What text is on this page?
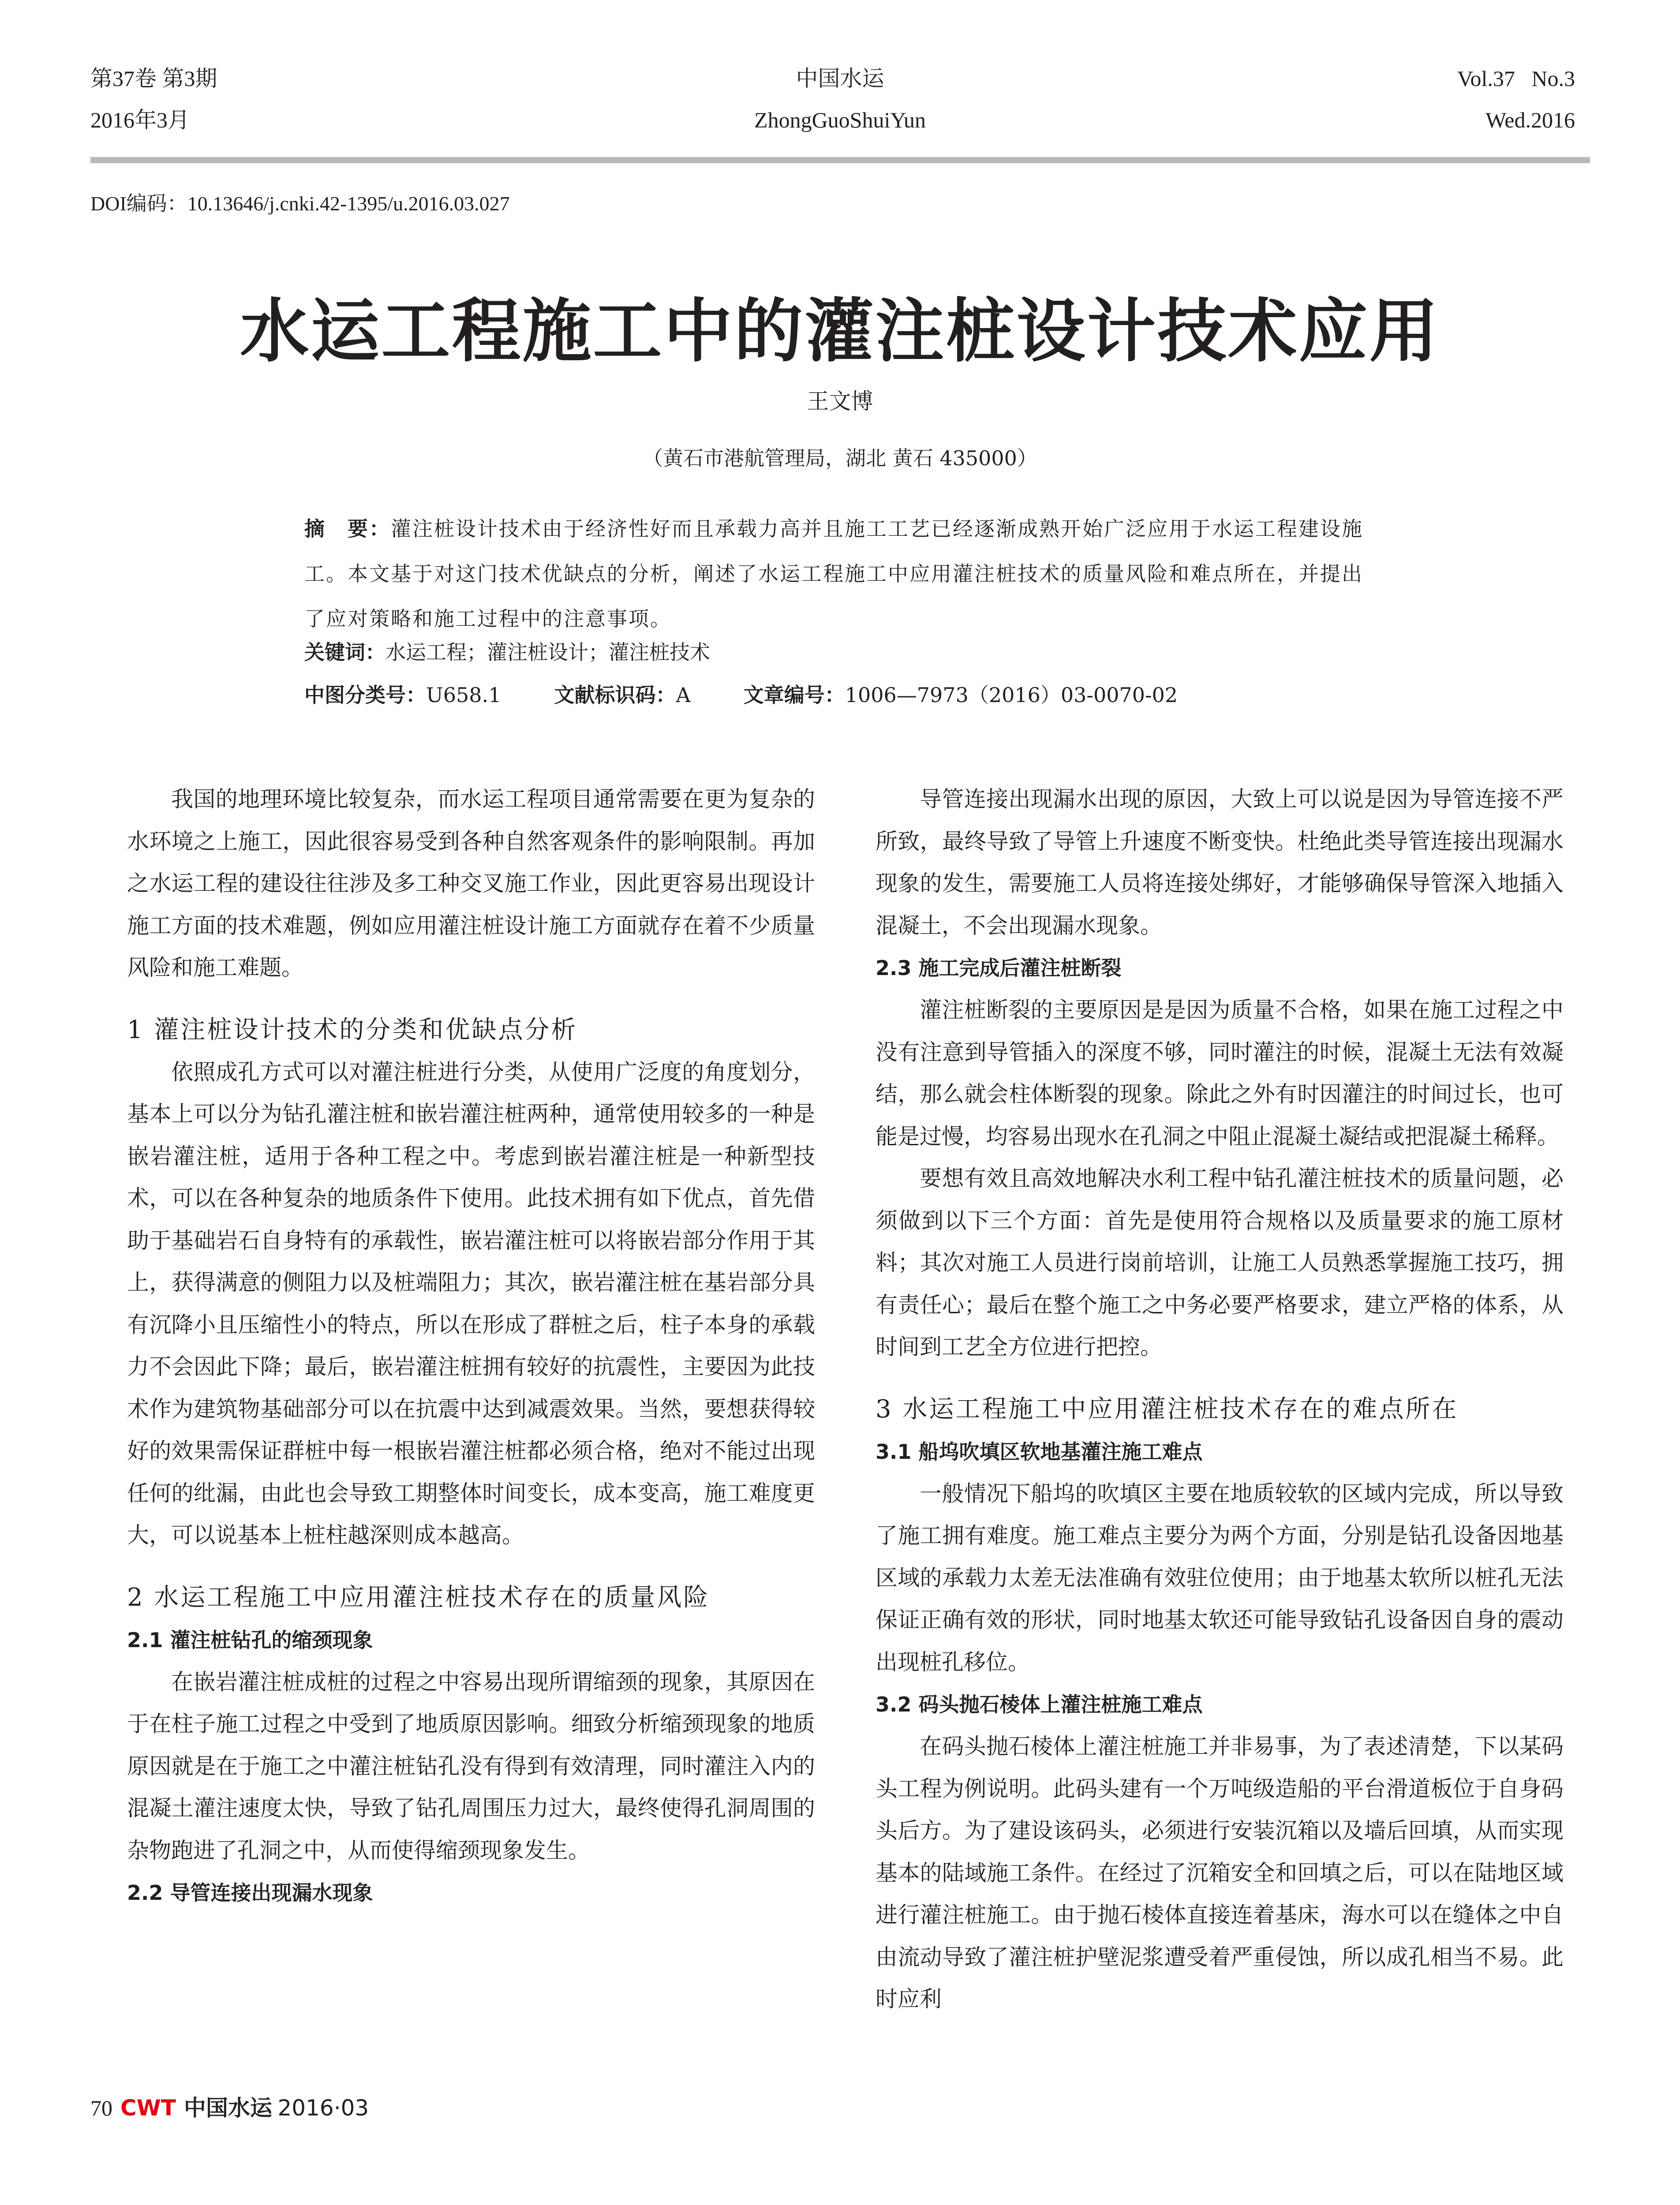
第37卷 第3期
2016年3月
中国水运
ZhongGuoShuiYun
Vol.37   No.3
Wed.2016
DOI编码：10.13646/j.cnki.42-1395/u.2016.03.027
水运工程施工中的灌注桩设计技术应用
王文博
（黄石市港航管理局，湖北 黄石 435000）
摘　要：灌注桩设计技术由于经济性好而且承载力高并且施工工艺已经逐渐成熟开始广泛应用于水运工程建设施工。本文基于对这门技术优缺点的分析，阐述了水运工程施工中应用灌注桩技术的质量风险和难点所在，并提出了应对策略和施工过程中的注意事项。
关键词：水运工程；灌注桩设计；灌注桩技术
中图分类号：U658.1	文献标识码：A	文章编号：1006—7973（2016）03-0070-02

我国的地理环境比较复杂，而水运工程项目通常需要在更为复杂的水环境之上施工，因此很容易受到各种自然客观条件的影响限制。再加之水运工程的建设往往涉及多工种交叉施工作业，因此更容易出现设计施工方面的技术难题，例如应用灌注桩设计施工方面就存在着不少质量风险和施工难题。

1 灌注桩设计技术的分类和优缺点分析

依照成孔方式可以对灌注桩进行分类，从使用广泛度的角度划分，基本上可以分为钻孔灌注桩和嵌岩灌注桩两种，通常使用较多的一种是嵌岩灌注桩，适用于各种工程之中。考虑到嵌岩灌注桩是一种新型技术，可以在各种复杂的地质条件下使用。此技术拥有如下优点，首先借助于基础岩石自身特有的承载性，嵌岩灌注桩可以将嵌岩部分作用于其上，获得满意的侧阻力以及桩端阻力；其次，嵌岩灌注桩在基岩部分具有沉降小且压缩性小的特点，所以在形成了群桩之后，柱子本身的承载力不会因此下降；最后，嵌岩灌注桩拥有较好的抗震性，主要因为此技术作为建筑物基础部分可以在抗震中达到减震效果。当然，要想获得较好的效果需保证群桩中每一根嵌岩灌注桩都必须合格，绝对不能过出现任何的纰漏，由此也会导致工期整体时间变长，成本变高，施工难度更大，可以说基本上桩柱越深则成本越高。

2 水运工程施工中应用灌注桩技术存在的质量风险
2.1 灌注桩钻孔的缩颈现象

在嵌岩灌注桩成桩的过程之中容易出现所谓缩颈的现象，其原因在于在柱子施工过程之中受到了地质原因影响。细致分析缩颈现象的地质原因就是在于施工之中灌注桩钻孔没有得到有效清理，同时灌注入内的混凝土灌注速度太快，导致了钻孔周围压力过大，最终使得孔洞周围的杂物跑进了孔洞之中，从而使得缩颈现象发生。

2.2 导管连接出现漏水现象

导管连接出现漏水出现的原因，大致上可以说是因为导管连接不严所致，最终导致了导管上升速度不断变快。杜绝此类导管连接出现漏水现象的发生，需要施工人员将连接处绑好，才能够确保导管深入地插入混凝土，不会出现漏水现象。

2.3 施工完成后灌注桩断裂

灌注桩断裂的主要原因是是因为质量不合格，如果在施工过程之中没有注意到导管插入的深度不够，同时灌注的时候，混凝土无法有效凝结，那么就会柱体断裂的现象。除此之外有时因灌注的时间过长，也可能是过慢，均容易出现水在孔洞之中阻止混凝土凝结或把混凝土稀释。

要想有效且高效地解决水利工程中钻孔灌注桩技术的质量问题，必须做到以下三个方面：首先是使用符合规格以及质量要求的施工原材料；其次对施工人员进行岗前培训，让施工人员熟悉掌握施工技巧，拥有责任心；最后在整个施工之中务必要严格要求，建立严格的体系，从时间到工艺全方位进行把控。

3 水运工程施工中应用灌注桩技术存在的难点所在
3.1 船坞吹填区软地基灌注施工难点

一般情况下船坞的吹填区主要在地质较软的区域内完成，所以导致了施工拥有难度。施工难点主要分为两个方面，分别是钻孔设备因地基区域的承载力太差无法准确有效驻位使用；由于地基太软所以桩孔无法保证正确有效的形状，同时地基太软还可能导致钻孔设备因自身的震动出现桩孔移位。

3.2 码头抛石棱体上灌注桩施工难点

在码头抛石棱体上灌注桩施工并非易事，为了表述清楚，下以某码头工程为例说明。此码头建有一个万吨级造船的平台滑道板位于自身码头后方。为了建设该码头，必须进行安装沉箱以及墙后回填，从而实现基本的陆域施工条件。在经过了沉箱安全和回填之后，可以在陆地区域进行灌注桩施工。由于抛石棱体直接连着基床，海水可以在缝体之中自由流动导致了灌注桩护壁泥浆遭受着严重侵蚀，所以成孔相当不易。此时应利

70 CWT 中国水运 2016·03
